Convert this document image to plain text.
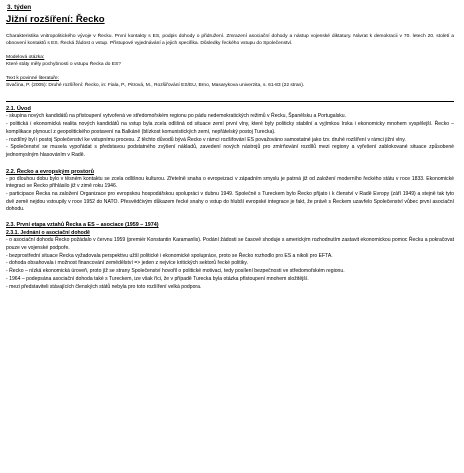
3. týden

Jižní rozšíření: Řecko

Charakteristika vnitropolitického vývoje v Řecku. První kontakty s ES, podpis dohody o přidružení. Zmrazení asociační dohody a nástup vojenské diktatury. Návrat k demokracii v 70. letech 20. století a obnovení kontaktů s ES. Řecká žádost o vstup. Přístupové vyjednávání a jejich specifika. Důsledky řeckého vstupu do Společenství.

Modelová otázka:

Které státy měly pochybnosti o vstupu Řecka do ES?

Text k povinné literatuře:

Svačina, P. (2005): Druhé rozšíření: Řecko, in: Fiala, P., Pitrová, M., Rozšiřování ES/EU, Brno, Masarykova univerzita, s. 61-83 (22 stran).

2.1. Úvod

- skupina nových kandidátů na přistoupení vytvořená ve středomořském regionu po pádu nedemokratických režimů v Řecku, Španělsku a Portugalsku.

- politická i ekonomická realita nových kandidátů na vstup byla zcela odlišná od situace zemí první vlny, které byly politicky stabilní a vyjímkou Irska i ekonomicky mnohem vyspělejší. Řecko – komplikace plynoucí z geopolitického postavení na Balkáně (blízkost komunistických zemí, nepřátelský postoj Turecka).

- rozdílný byl i postoj Společenství ke vstupnímu procesu. Z těchto důvodů bývá Řecko v rámci rozšiřování ES považováno samostatné jako tzv. druhé rozšíření v rámci jižní vlny.

- Společenství se musela vypořádat s představou podstatného zvýšení nákladů, zavedení nových nástrojů pro zmírňování rozdílů mezi regiony a vyřešení zablokované situace způsobené jednomyslným hlasováním v Radě.

2.2. Řecko a evropským prostorů

- po dlouhou dobu bylo v těsném kontaktu se zcela odlišnou kulturou. Zřetelně snaha o evropeizaci v západním smyslu je patrná již od založení moderního řeckého státu v roce 1833. Ekonomické integraci se Řecko přihlásilo již v zimě roku 1946.

- participace Řecka na založení Organizace pro evropskou hospodářskou spolupráci v dubnu 1949. Společně s Tureckem bylo Řecko přijato i k členství v Radě Evropy (září 1949) a stejně tak tyto dvě země nejdou vstoupily v roce 1952 do NATO. Přesvědčivým důkazem řecké snahy o vstup do hlubší evropské integrace je fakt, že právě s Řeckem uzavřelo Společenství vůbec první asociační dohodu.

2.3. První etapa vztahů Řecka a ES – asociace (1959 – 1974)

2.3.1. Jednání o asociační dohodě

- o asociační dohodu Řecko požádalo v červnu 1959 (premiér Konstantin Karamanlis). Podání žádosti se časově shoduje s americkým rozhodnutím zastavit ekonomickou pomoc Řecku a pokračovat pouze ve vojenské podpoře.

- bezprostřední situace Řecka vyžadovala perspektivu užší politické i ekonomické spolupráce, proto se Řecko rozhodlo pro ES a nikoli pro EFTA.

- dohoda obsahovala i možnost financování zemědělství => jeden z nejvíce kritických sektorů řecké politiky.

- Řecko – nízká ekonomická úroveň, proto jíž se strany Společenství hovořil o politické motivaci, tedy posílení bezpečnosti ve středomořském regionu.

- 1964 – podepsána asociační dohoda také s Tureckem, ize však říci, že v případě Turecka byla otázka přistoupení mnohem složitější.

- mezi představiteli stávajících členských států nebyla pro toto rozšíření velká podpora.
